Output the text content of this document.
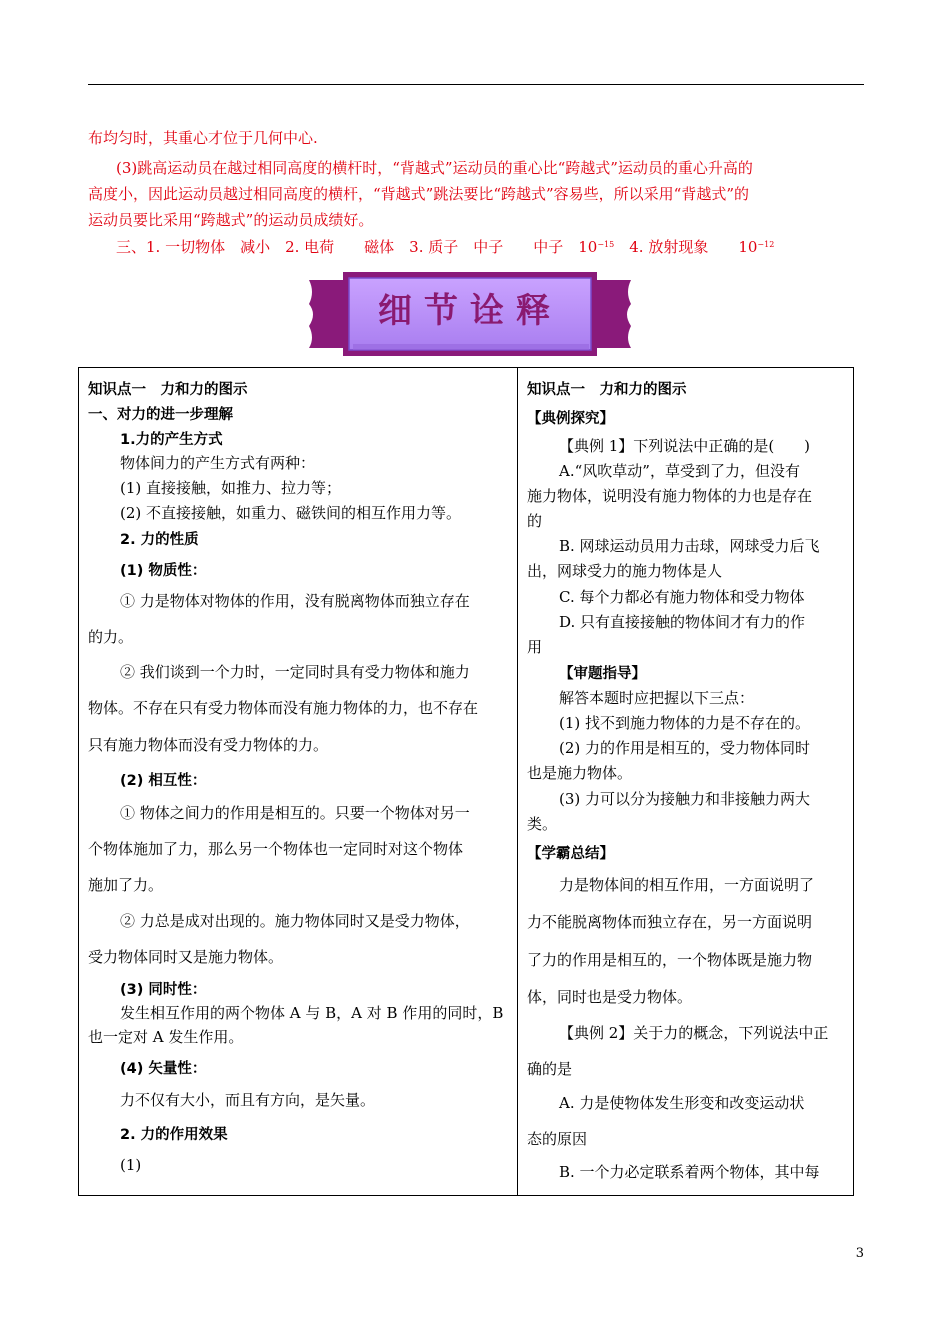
布均匀时，其重心才位于几何中心.
(3)跳高运动员在越过相同高度的横杆时，“背越式”运动员的重心比“跨越式”运动员的重心升高的
高度小，因此运动员越过相同高度的横杆，“背越式”跳法要比“跨越式”容易些，所以采用“背越式”的
运动员要比采用“跨越式”的运动员成绩好。
三、1. 一切物体　减小　2. 电荷　　磁体　3. 质子　中子　　中子　$10^{-15}$　4. 放射现象　　$10^{-12}$
细节诠释
知识点一　力和力的图示
一、对力的进一步理解
1.力的产生方式
物体间力的产生方式有两种：
(1) 直接接触，如推力、拉力等；
(2) 不直接接触，如重力、磁铁间的相互作用力等。
2. 力的性质
(1) 物质性：
① 力是物体对物体的作用，没有脱离物体而独立存在
的力。
② 我们谈到一个力时，一定同时具有受力物体和施力
物体。不存在只有受力物体而没有施力物体的力，也不存在
只有施力物体而没有受力物体的力。
(2) 相互性：
① 物体之间力的作用是相互的。只要一个物体对另一
个物体施加了力，那么另一个物体也一定同时对这个物体
施加了力。
② 力总是成对出现的。施力物体同时又是受力物体，
受力物体同时又是施力物体。
(3) 同时性：
发生相互作用的两个物体 A 与 B，A 对 B 作用的同时，B
也一定对 A 发生作用。
(4) 矢量性：
力不仅有大小，而且有方向，是矢量。
2. 力的作用效果
(1)
知识点一　力和力的图示
【典例探究】
【典例 1】下列说法中正确的是(　　)
A.“风吹草动”，草受到了力，但没有
施力物体，说明没有施力物体的力也是存在
的
B. 网球运动员用力击球，网球受力后飞
出，网球受力的施力物体是人
C. 每个力都必有施力物体和受力物体
D. 只有直接接触的物体间才有力的作
用
【审题指导】
解答本题时应把握以下三点：
(1) 找不到施力物体的力是不存在的。
(2) 力的作用是相互的，受力物体同时
也是施力物体。
(3) 力可以分为接触力和非接触力两大
类。
【学霸总结】
力是物体间的相互作用，一方面说明了
力不能脱离物体而独立存在，另一方面说明
了力的作用是相互的，一个物体既是施力物
体，同时也是受力物体。
【典例 2】关于力的概念，下列说法中正
确的是
A. 力是使物体发生形变和改变运动状
态的原因
B. 一个力必定联系着两个物体，其中每
3
